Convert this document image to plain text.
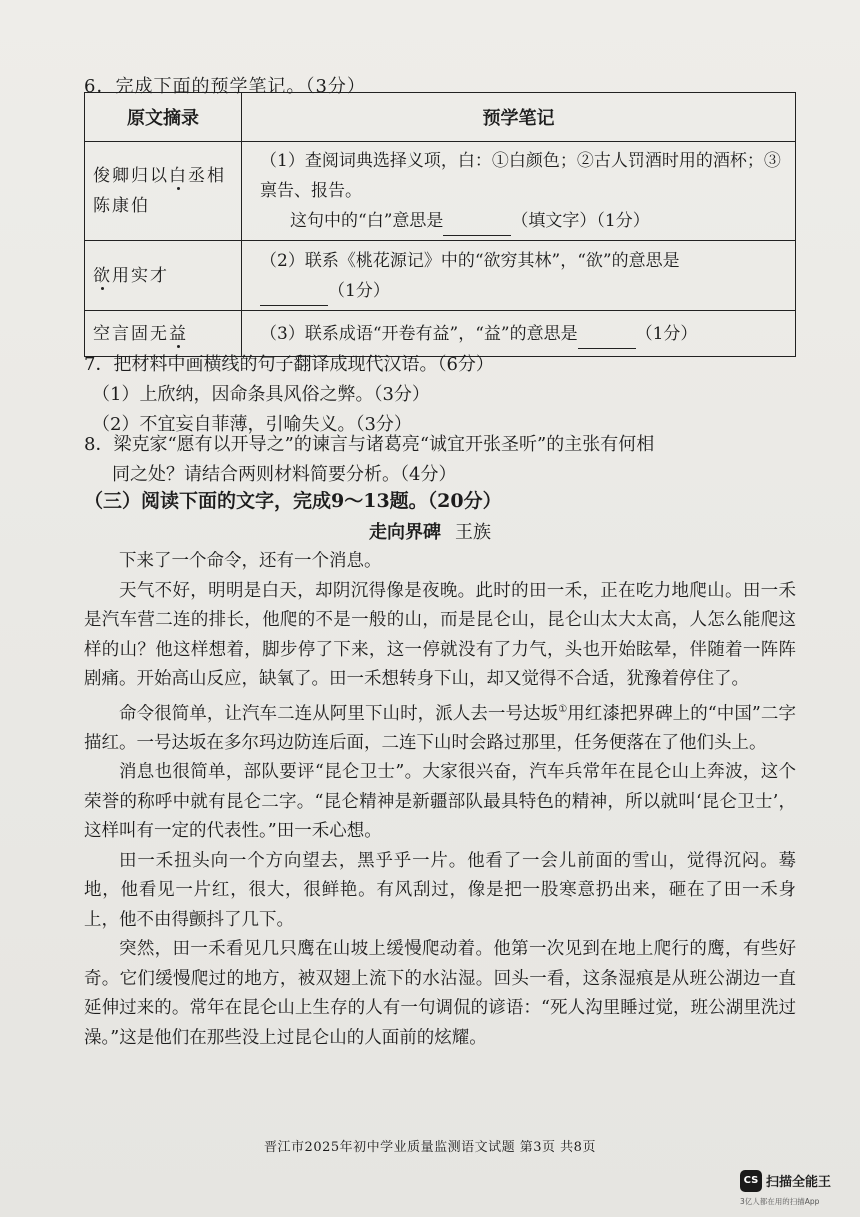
6．完成下面的预学笔记。（3分）
原文摘录	预学笔记
俊卿归以白丞相陈康伯	（1）查阅词典选择义项，白：①白颜色；②古人罚酒时用的酒杯；③禀告、报告。
这句中的“白”意思是 （填文字）（1分）

欲用实才	（2）联系《桃花源记》中的“欲穷其林”，“欲”的意思是
（1分）

空言固无益	（3）联系成语“开卷有益”，“益”的意思是 （1分）
7．把材料中画横线的句子翻译成现代汉语。（6分）
（1）上欣纳，因命条具风俗之弊。（3分）
（2）不宜妄自菲薄，引喻失义。（3分）
8．梁克家“愿有以开导之”的谏言与诸葛亮“诚宜开张圣听”的主张有何相
同之处？请结合两则材料简要分析。（4分）
（三）阅读下面的文字，完成9～13题。（20分）
走向界碑 王族

下来了一个命令，还有一个消息。

天气不好，明明是白天，却阴沉得像是夜晚。此时的田一禾，正在吃力地爬山。田一禾是汽车营二连的排长，他爬的不是一般的山，而是昆仑山，昆仑山太大太高，人怎么能爬这样的山？他这样想着，脚步停了下来，这一停就没有了力气，头也开始眩晕，伴随着一阵阵剧痛。开始高山反应，缺氧了。田一禾想转身下山，却又觉得不合适，犹豫着停住了。

命令很简单，让汽车二连从阿里下山时，派人去一号达坂①用红漆把界碑上的“中国”二字描红。一号达坂在多尔玛边防连后面，二连下山时会路过那里，任务便落在了他们头上。

消息也很简单，部队要评“昆仑卫士”。大家很兴奋，汽车兵常年在昆仑山上奔波，这个荣誉的称呼中就有昆仑二字。“昆仑精神是新疆部队最具特色的精神，所以就叫‘昆仑卫士’，这样叫有一定的代表性。”田一禾心想。

田一禾扭头向一个方向望去，黑乎乎一片。他看了一会儿前面的雪山，觉得沉闷。蓦地，他看见一片红，很大，很鲜艳。有风刮过，像是把一股寒意扔出来，砸在了田一禾身上，他不由得颤抖了几下。

突然，田一禾看见几只鹰在山坡上缓慢爬动着。他第一次见到在地上爬行的鹰，有些好奇。它们缓慢爬过的地方，被双翅上流下的水沾湿。回头一看，这条湿痕是从班公湖边一直延伸过来的。常年在昆仑山上生存的人有一句调侃的谚语：“死人沟里睡过觉，班公湖里洗过澡。”这是他们在那些没上过昆仑山的人面前的炫耀。

晋江市2025年初中学业质量监测语文试题 第3页 共8页
CS 扫描全能王
3亿人都在用的扫描App
